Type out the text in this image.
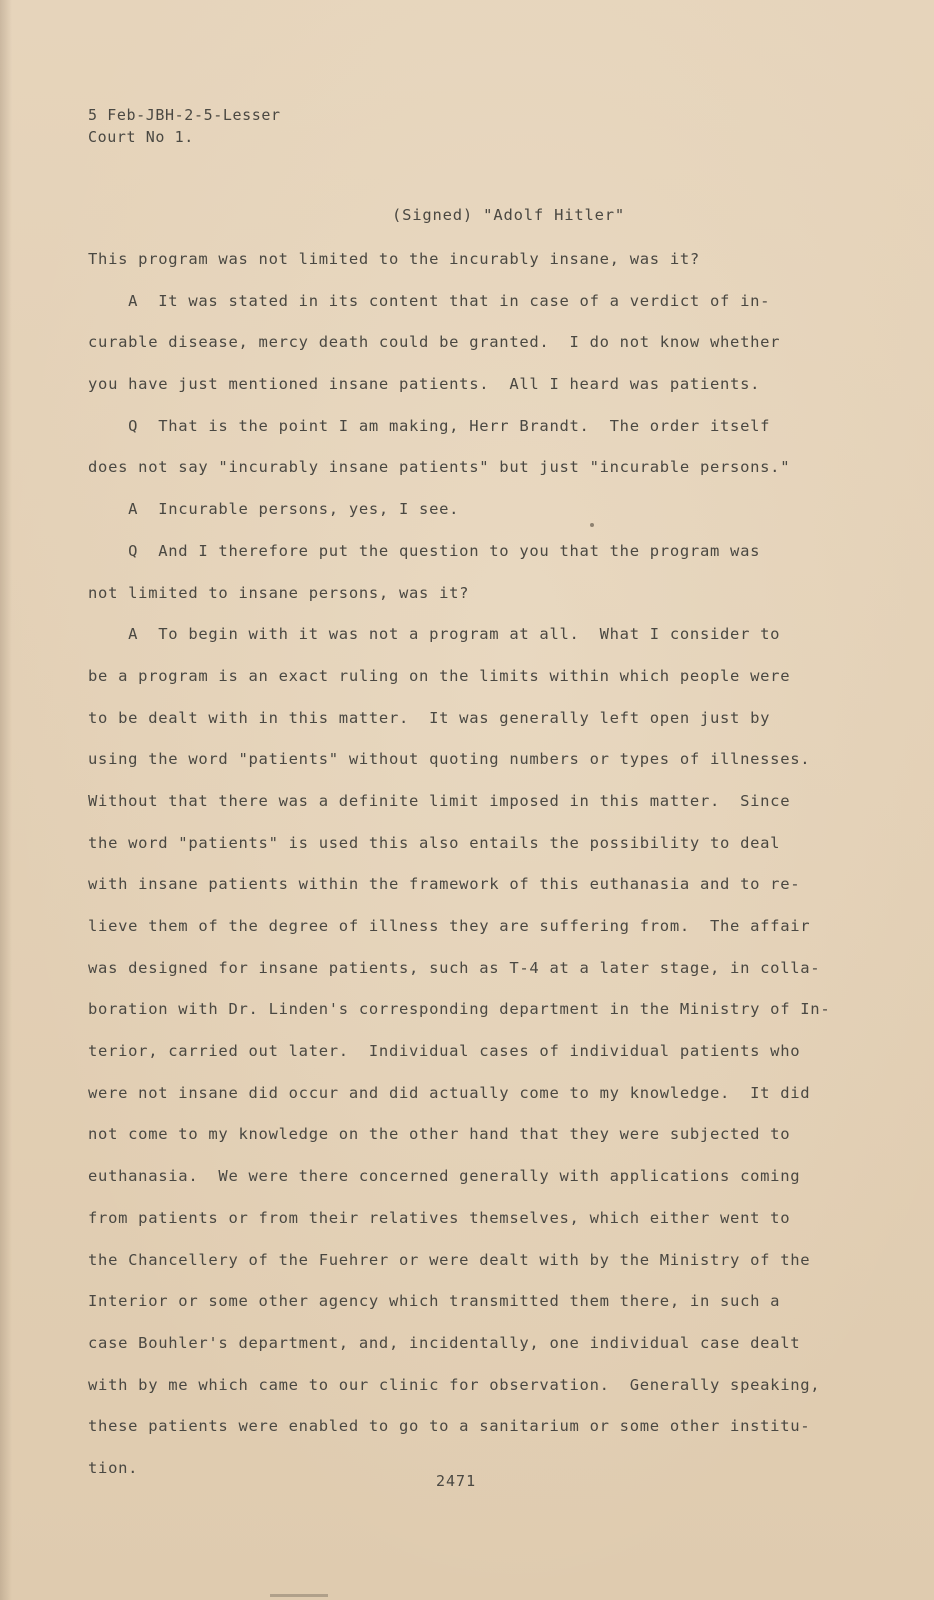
5 Feb-JBH-2-5-Lesser
Court No 1.
(Signed) "Adolf Hitler"
This program was not limited to the incurably insane, was it?
A  It was stated in its content that in case of a verdict of in-
curable disease, mercy death could be granted.  I do not know whether
you have just mentioned insane patients.  All I heard was patients.
Q  That is the point I am making, Herr Brandt.  The order itself
does not say "incurably insane patients" but just "incurable persons."
A  Incurable persons, yes, I see.
Q  And I therefore put the question to you that the program was
not limited to insane persons, was it?
A  To begin with it was not a program at all.  What I consider to
be a program is an exact ruling on the limits within which people were
to be dealt with in this matter.  It was generally left open just by
using the word "patients" without quoting numbers or types of illnesses.
Without that there was a definite limit imposed in this matter.  Since
the word "patients" is used this also entails the possibility to deal
with insane patients within the framework of this euthanasia and to re-
lieve them of the degree of illness they are suffering from.  The affair
was designed for insane patients, such as T-4 at a later stage, in colla-
boration with Dr. Linden's corresponding department in the Ministry of In-
terior, carried out later.  Individual cases of individual patients who
were not insane did occur and did actually come to my knowledge.  It did
not come to my knowledge on the other hand that they were subjected to
euthanasia.  We were there concerned generally with applications coming
from patients or from their relatives themselves, which either went to
the Chancellery of the Fuehrer or were dealt with by the Ministry of the
Interior or some other agency which transmitted them there, in such a
case Bouhler's department, and, incidentally, one individual case dealt
with by me which came to our clinic for observation.  Generally speaking,
these patients were enabled to go to a sanitarium or some other institu-
tion.
2471
